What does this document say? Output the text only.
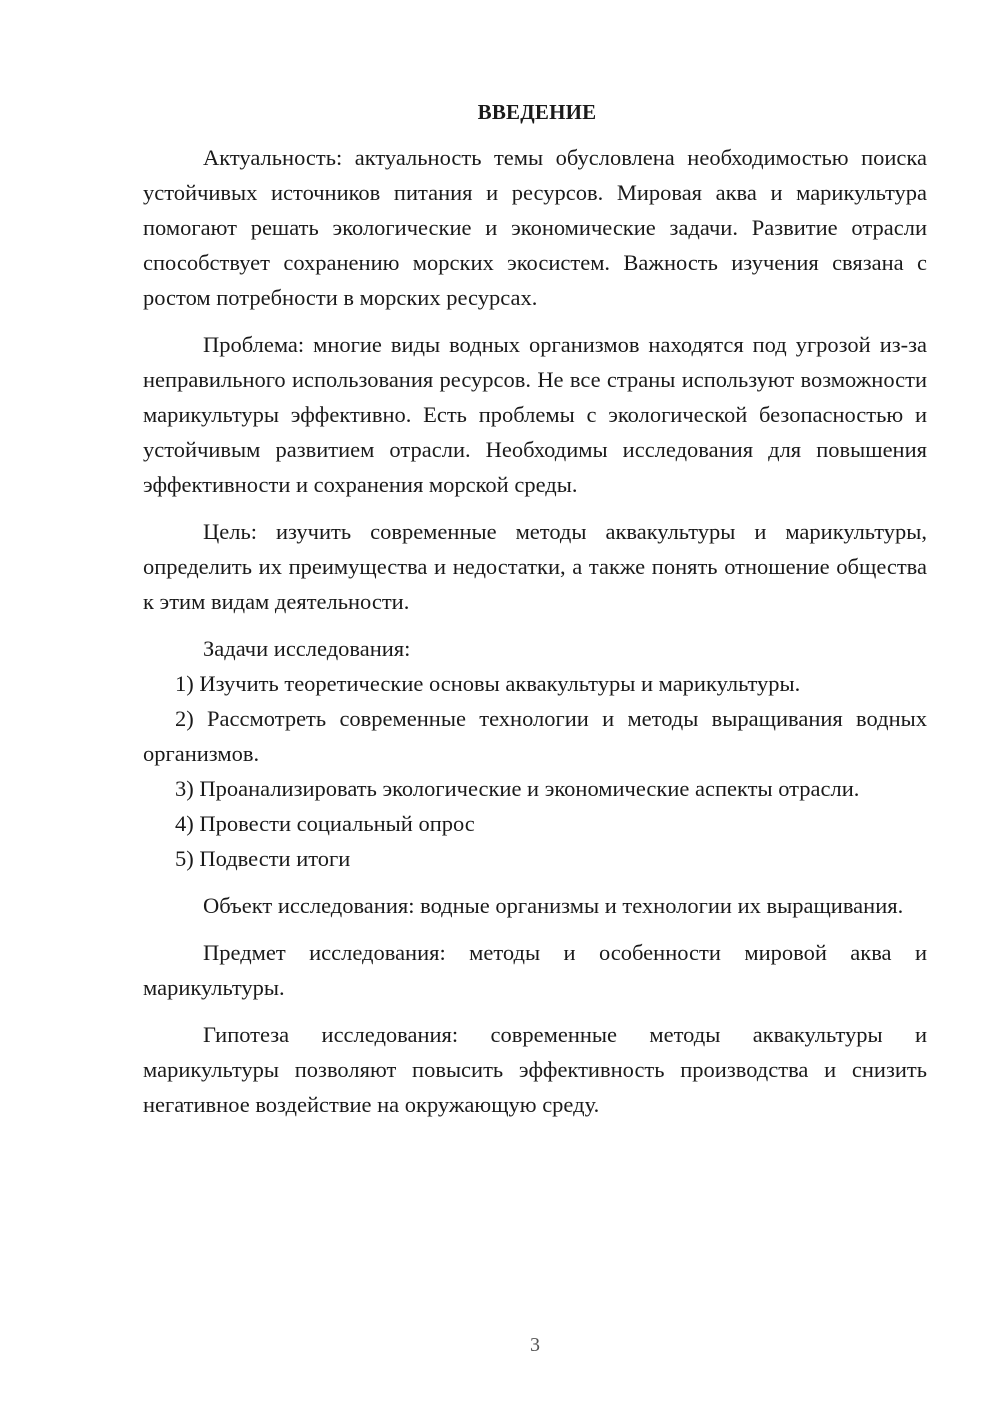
ВВЕДЕНИЕ

Актуальность: актуальность темы обусловлена необходимостью поиска устойчивых источников питания и ресурсов. Мировая аква и марикультура помогают решать экологические и экономические задачи. Развитие отрасли способствует сохранению морских экосистем. Важность изучения связана с ростом потребности в морских ресурсах.

Проблема: многие виды водных организмов находятся под угрозой из-за неправильного использования ресурсов. Не все страны используют возможности марикультуры эффективно. Есть проблемы с экологической безопасностью и устойчивым развитием отрасли. Необходимы исследования для повышения эффективности и сохранения морской среды.

Цель: изучить современные методы аквакультуры и марикультуры, определить их преимущества и недостатки, а также понять отношение общества к этим видам деятельности.

Задачи исследования:

1) Изучить теоретические основы аквакультуры и марикультуры.

2) Рассмотреть современные технологии и методы выращивания водных организмов.

3) Проанализировать экологические и экономические аспекты отрасли.

4) Провести социальный опрос

5) Подвести итоги

Объект исследования: водные организмы и технологии их выращивания.

Предмет исследования: методы и особенности мировой аква и марикультуры.

Гипотеза исследования: современные методы аквакультуры и марикультуры позволяют повысить эффективность производства и снизить негативное воздействие на окружающую среду.

3
